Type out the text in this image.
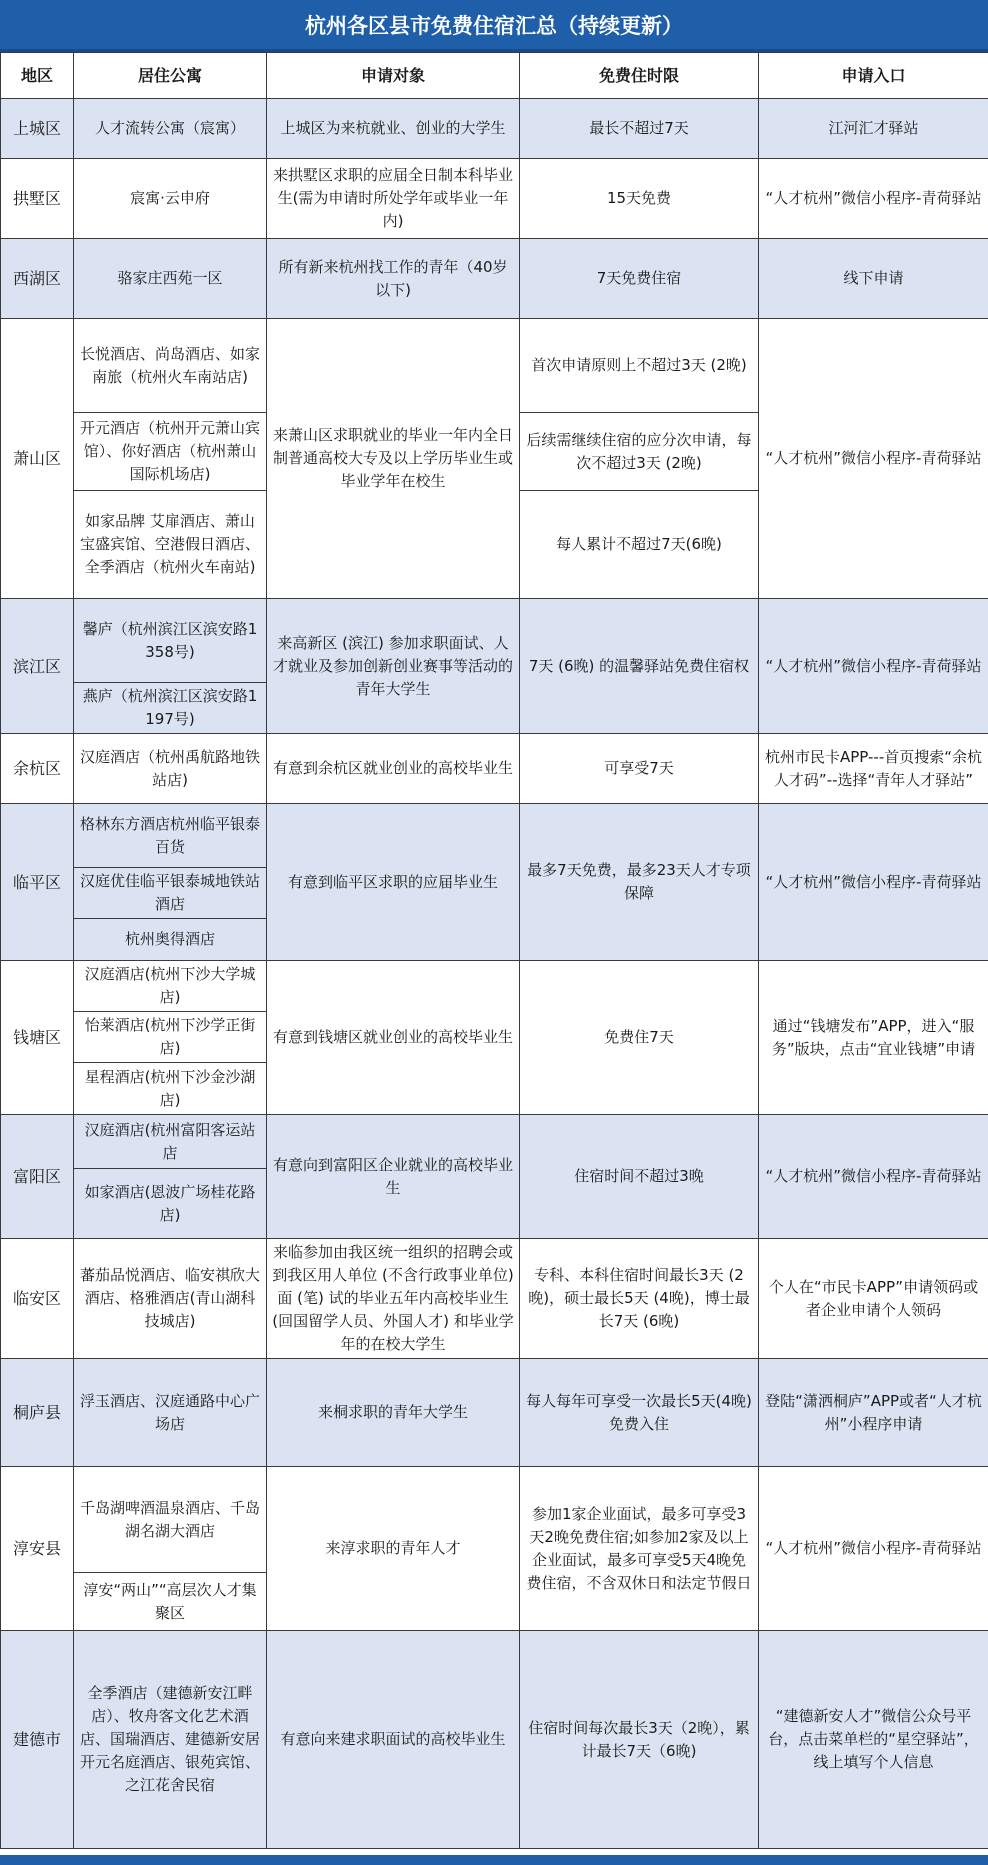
杭州各区县市免费住宿汇总（持续更新）
地区	居住公寓	申请对象	免费住时限	申请入口
上城区	人才流转公寓（宸寓）	上城区为来杭就业、创业的大学生	最长不超过7天	江河汇才驿站
拱墅区	宸寓·云申府	来拱墅区求职的应届全日制本科毕业生(需为申请时所处学年或毕业一年内)	15天免费	“人才杭州”微信小程序-青荷驿站
西湖区	骆家庄西苑一区	所有新来杭州找工作的青年（40岁以下)	7天免费住宿	线下申请
萧山区	长悦酒店、尚岛酒店、如家南旅（杭州火车南站店)	来萧山区求职就业的毕业一年内全日制普通高校大专及以上学历毕业生或毕业学年在校生	首次申请原则上不超过3天 (2晚)	“人才杭州”微信小程序-青荷驿站
	开元酒店（杭州开元萧山宾馆）、你好酒店（杭州萧山国际机场店)		后续需继续住宿的应分次申请，每次不超过3天 (2晚)	
	如家品牌 艾扉酒店、萧山宝盛宾馆、空港假日酒店、全季酒店（杭州火车南站)		每人累计不超过7天(6晚)	
滨江区	馨庐（杭州滨江区滨安路1358号)	来高新区 (滨江) 参加求职面试、人才就业及参加创新创业赛事等活动的青年大学生	7天 (6晚) 的温馨驿站免费住宿权	“人才杭州”微信小程序-青荷驿站
	燕庐（杭州滨江区滨安路1197号)			
余杭区	汉庭酒店（杭州禹航路地铁站店)	有意到余杭区就业创业的高校毕业生	可享受7天	杭州市民卡APP---首页搜索“余杭人才码”--选择“青年人才驿站”
临平区	格林东方酒店杭州临平银泰百货	有意到临平区求职的应届毕业生	最多7天免费，最多23天人才专项保障	“人才杭州”微信小程序-青荷驿站
	汉庭优佳临平银泰城地铁站酒店			
	杭州奥得酒店			
钱塘区	汉庭酒店(杭州下沙大学城店)	有意到钱塘区就业创业的高校毕业生	免费住7天	通过“钱塘发布”APP，进入“服务”版块，点击“宜业钱塘”申请
	怡莱酒店(杭州下沙学正街店)			
	星程酒店(杭州下沙金沙湖店)			
富阳区	汉庭酒店(杭州富阳客运站店	有意向到富阳区企业就业的高校毕业生	住宿时间不超过3晚	“人才杭州”微信小程序-青荷驿站
	如家酒店(恩波广场桂花路店)			
临安区	蕃茄品悦酒店、临安祺欣大酒店、格雅酒店(青山湖科技城店)	来临参加由我区统一组织的招聘会或到我区用人单位 (不含行政事业单位) 面 (笔) 试的毕业五年内高校毕业生 (回国留学人员、外国人才) 和毕业学年的在校大学生	专科、本科住宿时间最长3天 (2晚)，硕士最长5天 (4晚)，博士最长7天 (6晚)	个人在“市民卡APP”申请领码或者企业申请个人领码
桐庐县	浮玉酒店、汉庭通路中心广场店	来桐求职的青年大学生	每人每年可享受一次最长5天(4晚)免费入住	登陆“潇洒桐庐”APP或者“人才杭州”小程序申请
淳安县	千岛湖啤酒温泉酒店、千岛湖名湖大酒店	来淳求职的青年人才	参加1家企业面试，最多可享受3天2晚免费住宿;如参加2家及以上企业面试，最多可享受5天4晚免费住宿，不含双休日和法定节假日	“人才杭州”微信小程序-青荷驿站
	淳安“两山”“高层次人才集聚区			
建德市	全季酒店（建德新安江畔店）、牧舟客文化艺术酒店、国瑞酒店、建德新安居开元名庭酒店、银苑宾馆、之江花舍民宿	有意向来建求职面试的高校毕业生	住宿时间每次最长3天（2晚），累计最长7天（6晚)	“建德新安人才”微信公众号平台，点击菜单栏的“星空驿站”，线上填写个人信息
